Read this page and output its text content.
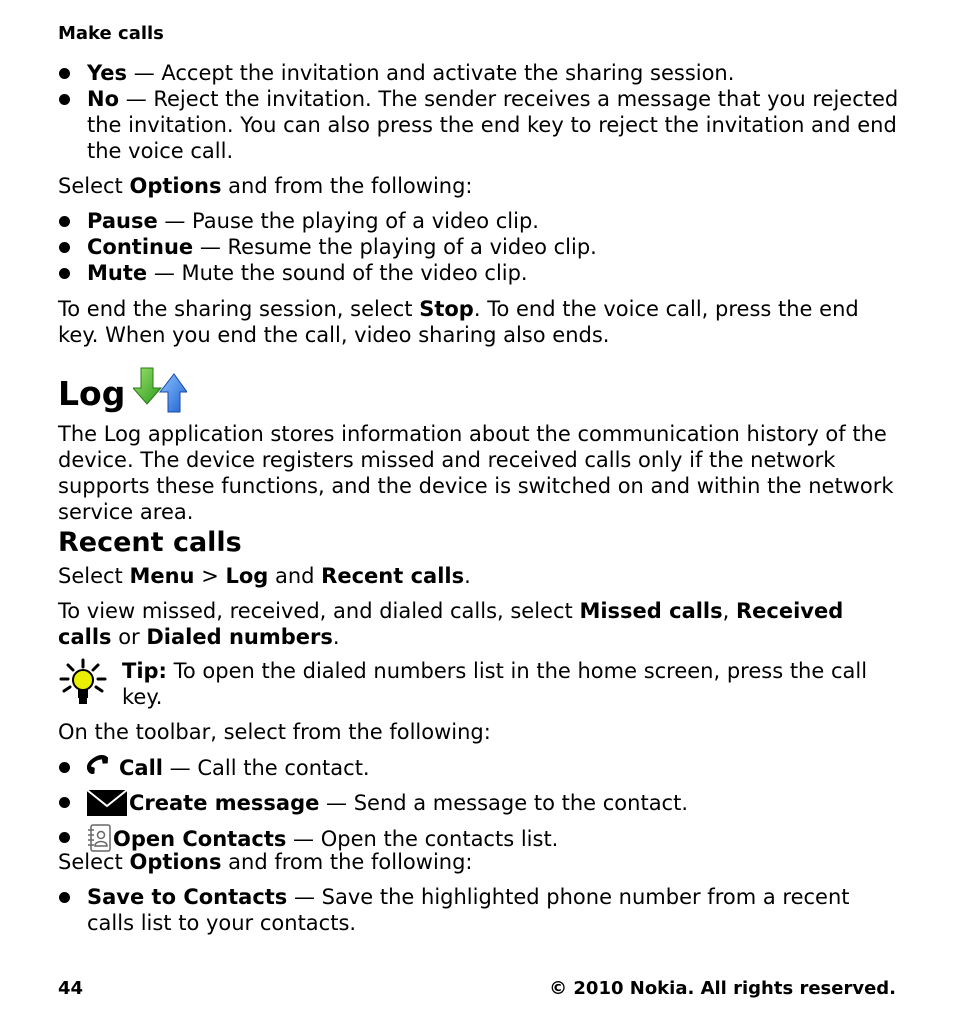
Make calls
Yes — Accept the invitation and activate the sharing session.
No — Reject the invitation. The sender receives a message that you rejected the invitation. You can also press the end key to reject the invitation and end the voice call.

Select Options and from the following:

Pause — Pause the playing of a video clip.
Continue — Resume the playing of a video clip.
Mute — Mute the sound of the video clip.

To end the sharing session, select Stop. To end the voice call, press the end key. When you end the call, video sharing also ends.

Log

The Log application stores information about the communication history of the device. The device registers missed and received calls only if the network supports these functions, and the device is switched on and within the network service area.

Recent calls

Select Menu > Log and Recent calls.

To view missed, received, and dialed calls, select Missed calls, Received calls or Dialed numbers.

Tip: To open the dialed numbers list in the home screen, press the call key.

On the toolbar, select from the following:

Call — Call the contact.
Create message — Send a message to the contact.
Open Contacts — Open the contacts list.

Select Options and from the following:

Save to Contacts — Save the highlighted phone number from a recent calls list to your contacts.
44	© 2010 Nokia. All rights reserved.
